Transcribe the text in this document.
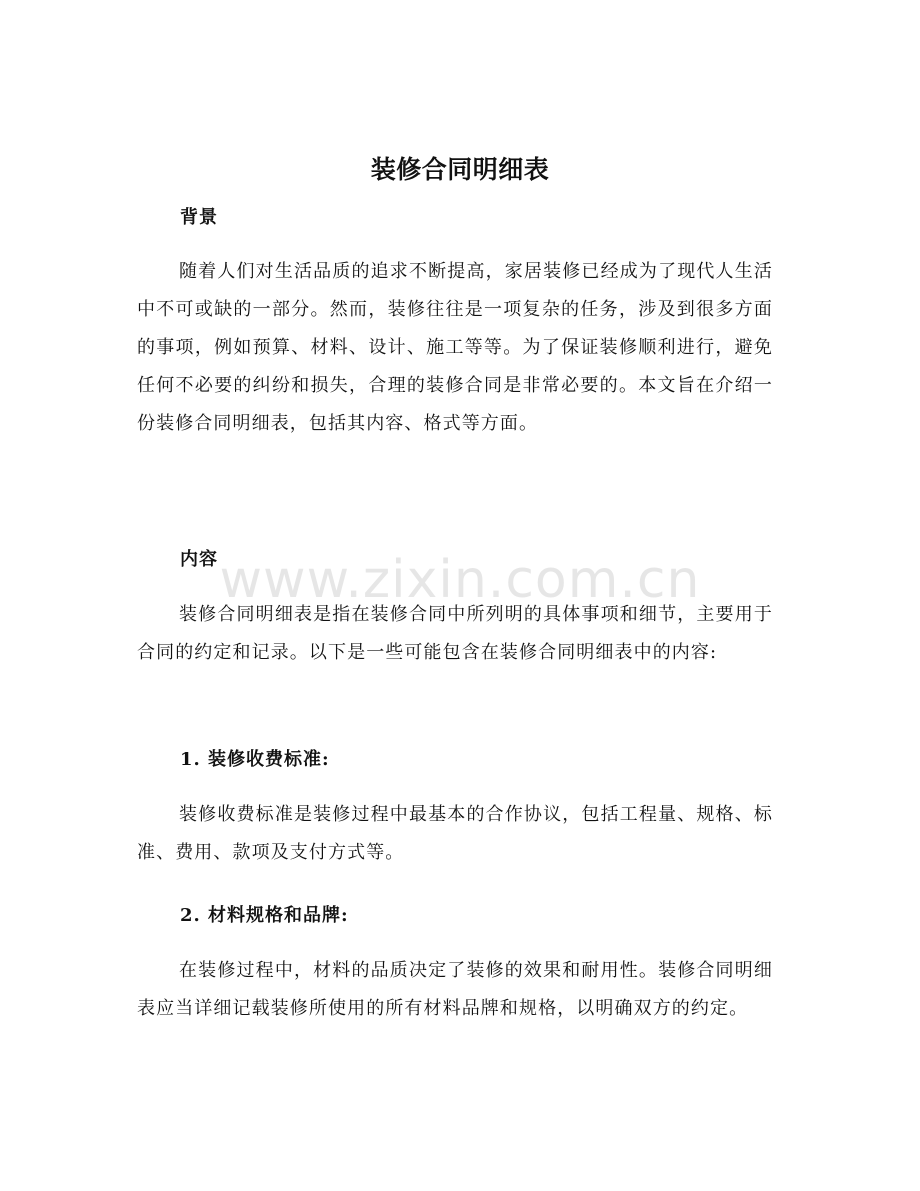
装修合同明细表
背景

随着人们对生活品质的追求不断提高，家居装修已经成为了现代人生活中不可或缺的一部分。然而，装修往往是一项复杂的任务，涉及到很多方面的事项，例如预算、材料、设计、施工等等。为了保证装修顺利进行，避免任何不必要的纠纷和损失，合理的装修合同是非常必要的。本文旨在介绍一份装修合同明细表，包括其内容、格式等方面。

内容

装修合同明细表是指在装修合同中所列明的具体事项和细节，主要用于合同的约定和记录。以下是一些可能包含在装修合同明细表中的内容:

1. 装修收费标准:

装修收费标准是装修过程中最基本的合作协议，包括工程量、规格、标准、费用、款项及支付方式等。

2. 材料规格和品牌:

在装修过程中，材料的品质决定了装修的效果和耐用性。装修合同明细表应当详细记载装修所使用的所有材料品牌和规格，以明确双方的约定。

www.zixin.com.cn
